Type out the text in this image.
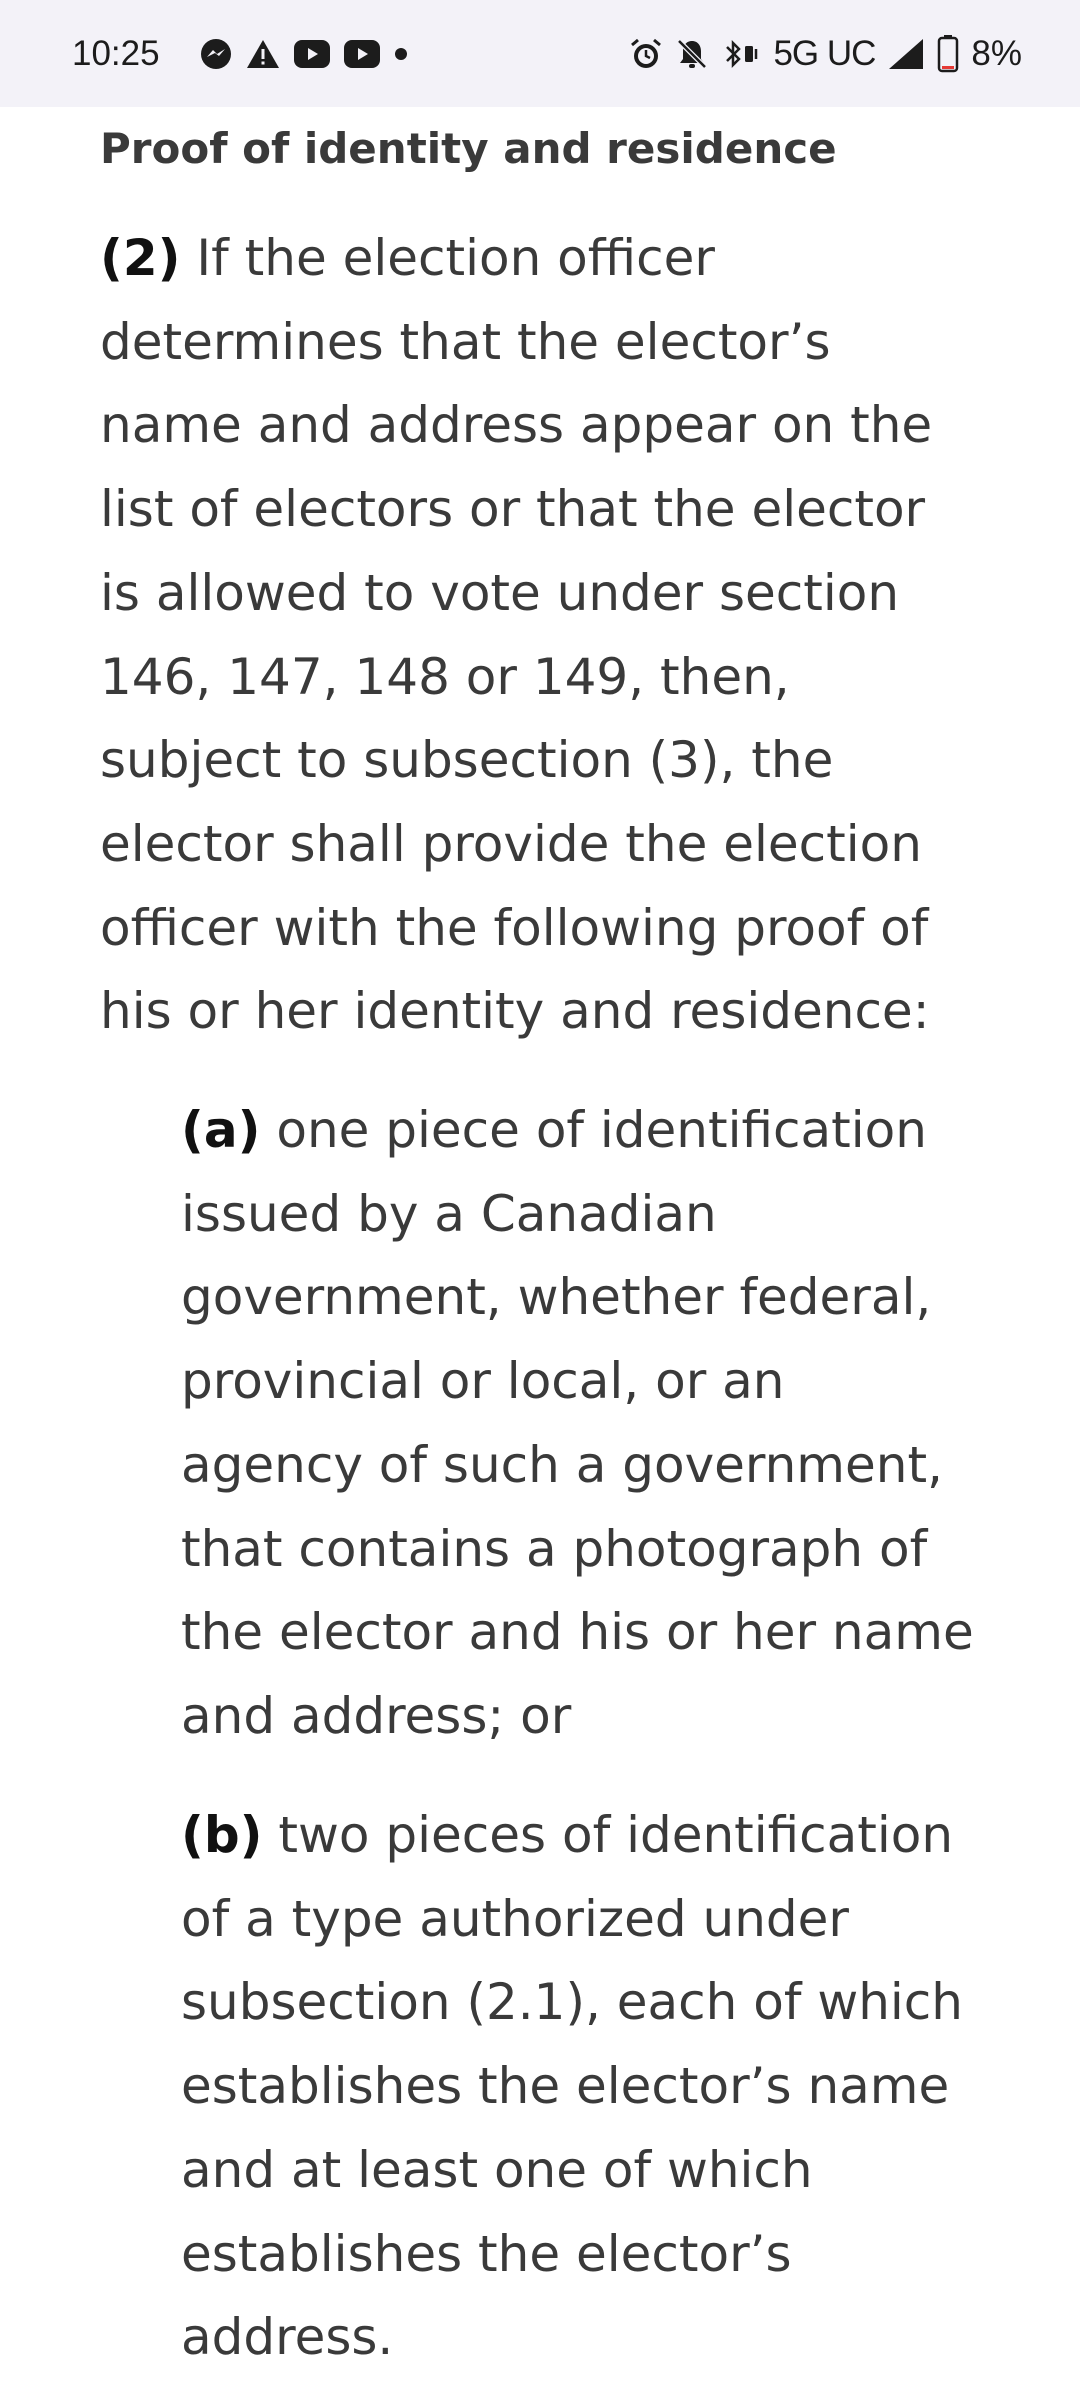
10:25	5G UC	8%
Proof of identity and residence

(2) If the election officer determines that the elector’s name and address appear on the list of electors or that the elector is allowed to vote under section 146, 147, 148 or 149, then, subject to subsection (3), the elector shall provide the election officer with the following proof of his or her identity and residence:

(a) one piece of identification issued by a Canadian government, whether federal, provincial or local, or an agency of such a government, that contains a photograph of the elector and his or her name and address; or

(b) two pieces of identification of a type authorized under subsection (2.1), each of which establishes the elector’s name and at least one of which establishes the elector’s address.
